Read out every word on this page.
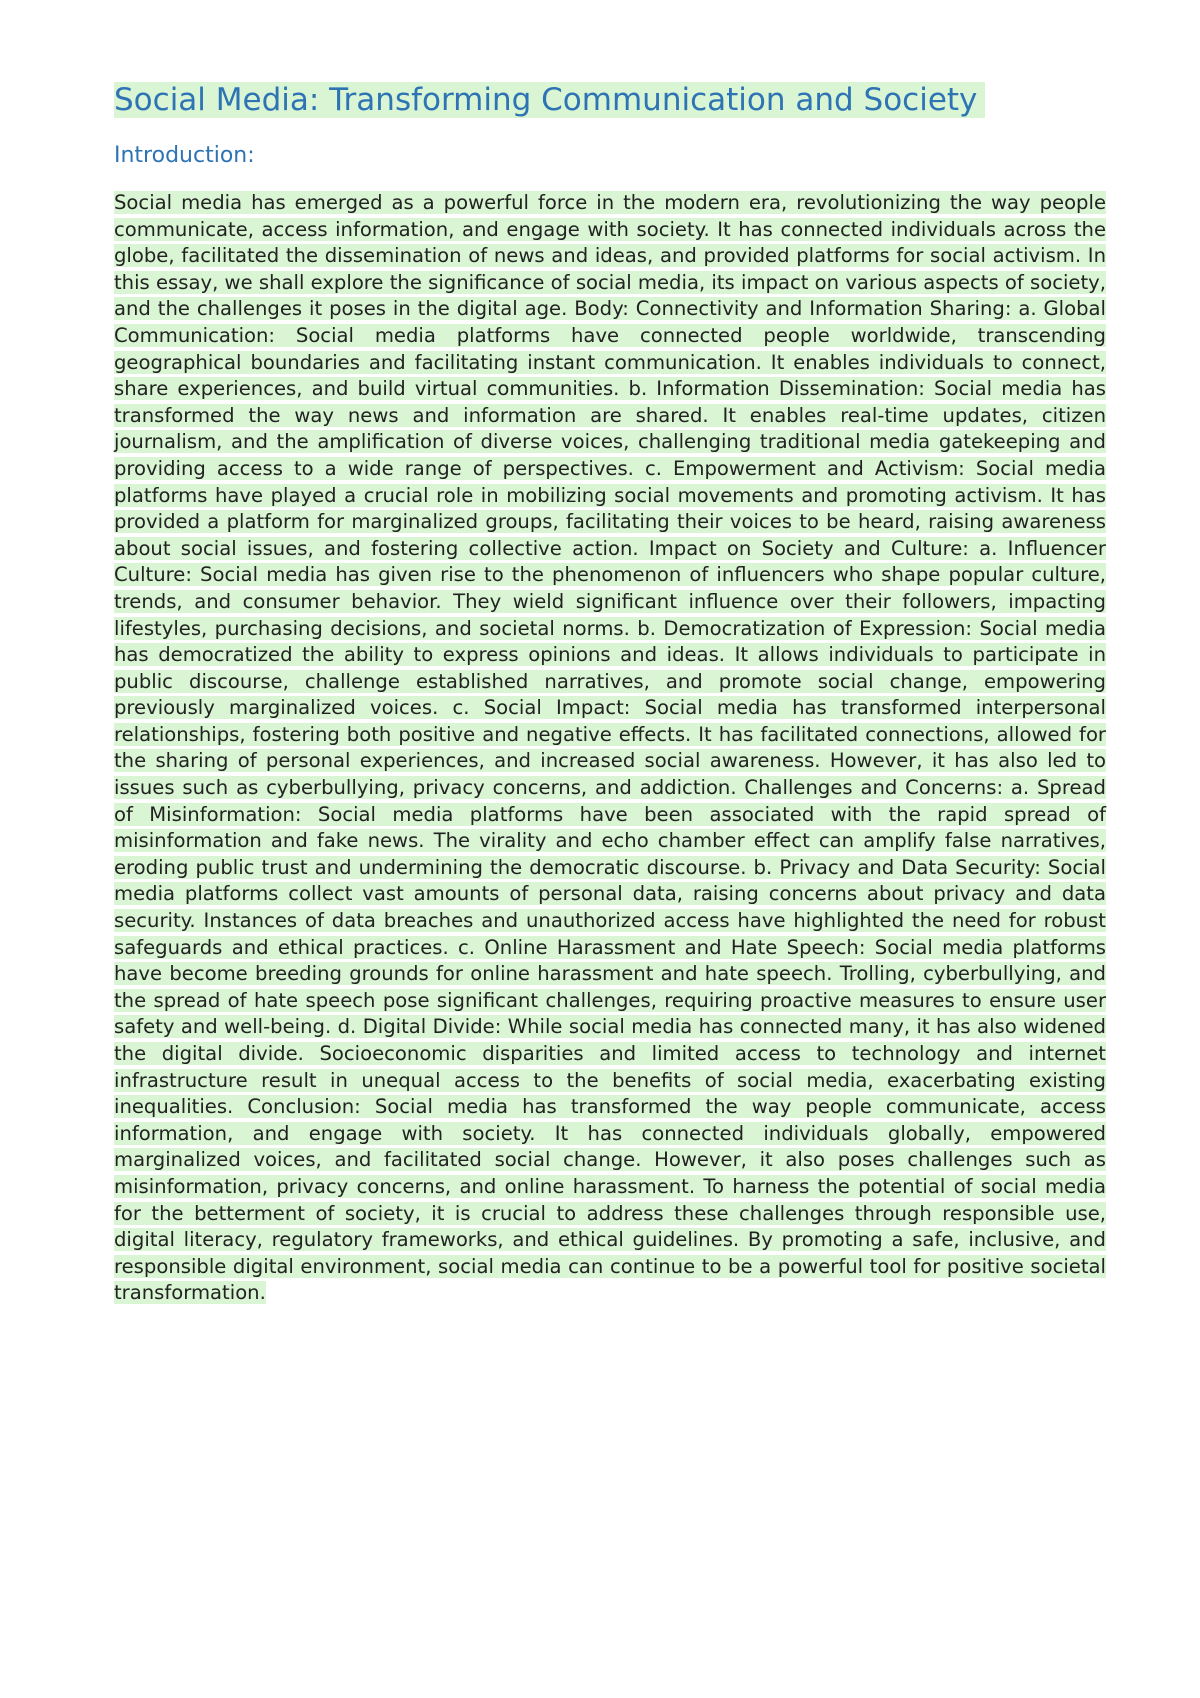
Social Media: Transforming Communication and Society
Introduction:

Social media has emerged as a powerful force in the modern era, revolutionizing the way people communicate, access information, and engage with society. It has connected individuals across the globe, facilitated the dissemination of news and ideas, and provided platforms for social activism. In this essay, we shall explore the significance of social media, its impact on various aspects of society, and the challenges it poses in the digital age. Body: Connectivity and Information Sharing: a. Global Communication: Social media platforms have connected people worldwide, transcending geographical boundaries and facilitating instant communication. It enables individuals to connect, share experiences, and build virtual communities. b. Information Dissemination: Social media has transformed the way news and information are shared. It enables real-time updates, citizen journalism, and the amplification of diverse voices, challenging traditional media gatekeeping and providing access to a wide range of perspectives. c. Empowerment and Activism: Social media platforms have played a crucial role in mobilizing social movements and promoting activism. It has provided a platform for marginalized groups, facilitating their voices to be heard, raising awareness about social issues, and fostering collective action. Impact on Society and Culture: a. Influencer Culture: Social media has given rise to the phenomenon of influencers who shape popular culture, trends, and consumer behavior. They wield significant influence over their followers, impacting lifestyles, purchasing decisions, and societal norms. b. Democratization of Expression: Social media has democratized the ability to express opinions and ideas. It allows individuals to participate in public discourse, challenge established narratives, and promote social change, empowering previously marginalized voices. c. Social Impact: Social media has transformed interpersonal relationships, fostering both positive and negative effects. It has facilitated connections, allowed for the sharing of personal experiences, and increased social awareness. However, it has also led to issues such as cyberbullying, privacy concerns, and addiction. Challenges and Concerns: a. Spread of Misinformation: Social media platforms have been associated with the rapid spread of misinformation and fake news. The virality and echo chamber effect can amplify false narratives, eroding public trust and undermining the democratic discourse. b. Privacy and Data Security: Social media platforms collect vast amounts of personal data, raising concerns about privacy and data security. Instances of data breaches and unauthorized access have highlighted the need for robust safeguards and ethical practices. c. Online Harassment and Hate Speech: Social media platforms have become breeding grounds for online harassment and hate speech. Trolling, cyberbullying, and the spread of hate speech pose significant challenges, requiring proactive measures to ensure user safety and well-being. d. Digital Divide: While social media has connected many, it has also widened the digital divide. Socioeconomic disparities and limited access to technology and internet infrastructure result in unequal access to the benefits of social media, exacerbating existing inequalities. Conclusion: Social media has transformed the way people communicate, access information, and engage with society. It has connected individuals globally, empowered marginalized voices, and facilitated social change. However, it also poses challenges such as misinformation, privacy concerns, and online harassment. To harness the potential of social media for the betterment of society, it is crucial to address these challenges through responsible use, digital literacy, regulatory frameworks, and ethical guidelines. By promoting a safe, inclusive, and responsible digital environment, social media can continue to be a powerful tool for positive societal transformation.
